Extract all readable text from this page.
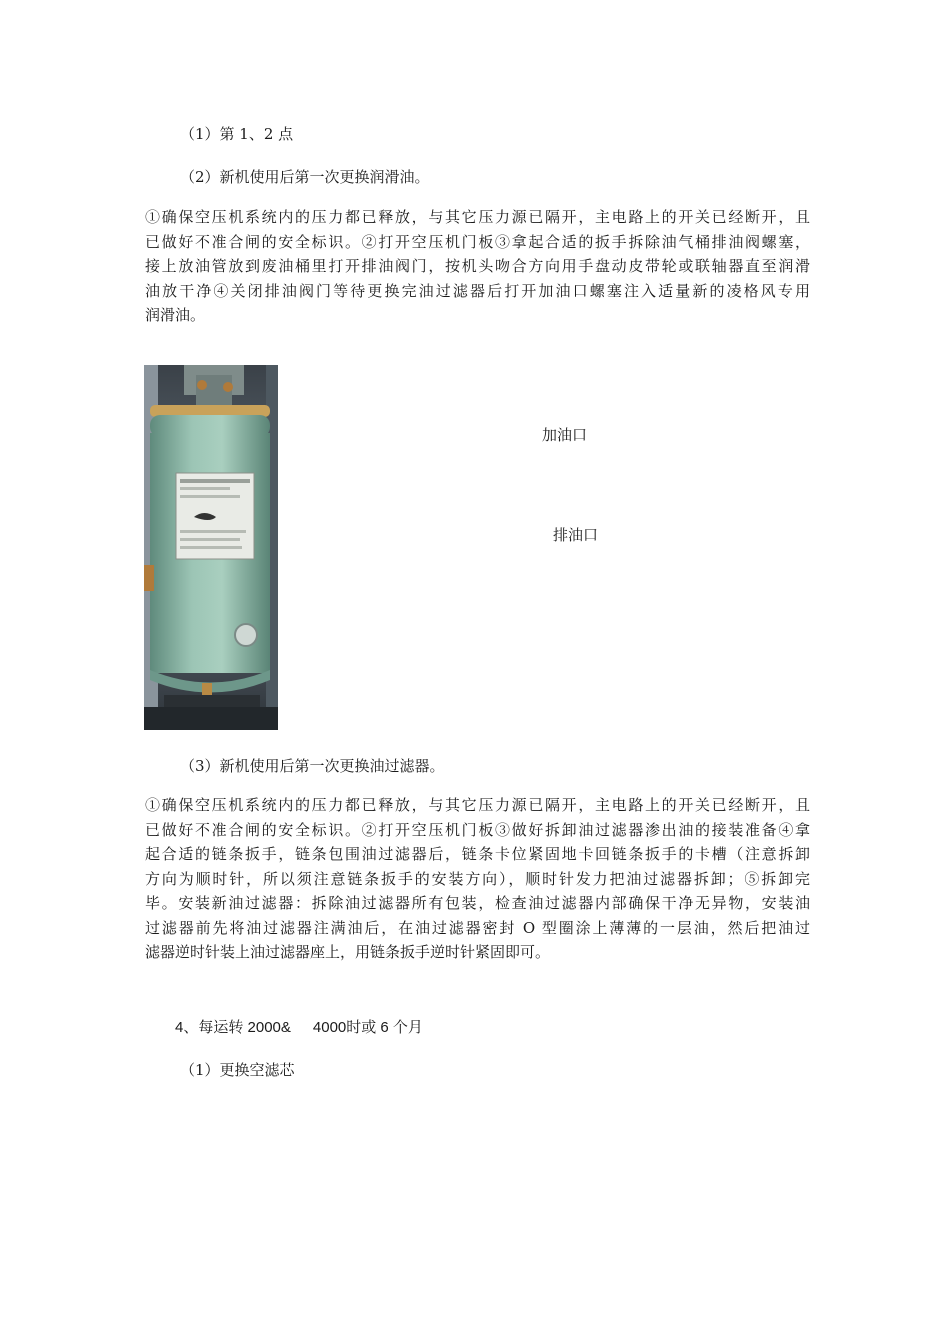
（1）第 1、2 点
（2）新机使用后第一次更换润滑油。
①确保空压机系统内的压力都已释放，与其它压力源已隔开，主电路上的开关已经断开，且
已做好不准合闸的安全标识。②打开空压机门板③拿起合适的扳手拆除油气桶排油阀螺塞，
接上放油管放到废油桶里打开排油阀门，按机头吻合方向用手盘动皮带轮或联轴器直至润滑
油放干净④关闭排油阀门等待更换完油过滤器后打开加油口螺塞注入适量新的凌格风专用
润滑油。
加油口
排油口
（3）新机使用后第一次更换油过滤器。
①确保空压机系统内的压力都已释放，与其它压力源已隔开，主电路上的开关已经断开，且
已做好不准合闸的安全标识。②打开空压机门板③做好拆卸油过滤器渗出油的接装准备④拿
起合适的链条扳手，链条包围油过滤器后，链条卡位紧固地卡回链条扳手的卡槽（注意拆卸
方向为顺时针，所以须注意链条扳手的安装方向），顺时针发力把油过滤器拆卸；⑤拆卸完
毕。安装新油过滤器：拆除油过滤器所有包装，检查油过滤器内部确保干净无异物，安装油
过滤器前先将油过滤器注满油后，在油过滤器密封 O 型圈涂上薄薄的一层油，然后把油过
滤器逆时针装上油过滤器座上，用链条扳手逆时针紧固即可。
4、每运转 2000& 4000时或 6 个月
（1）更换空滤芯
